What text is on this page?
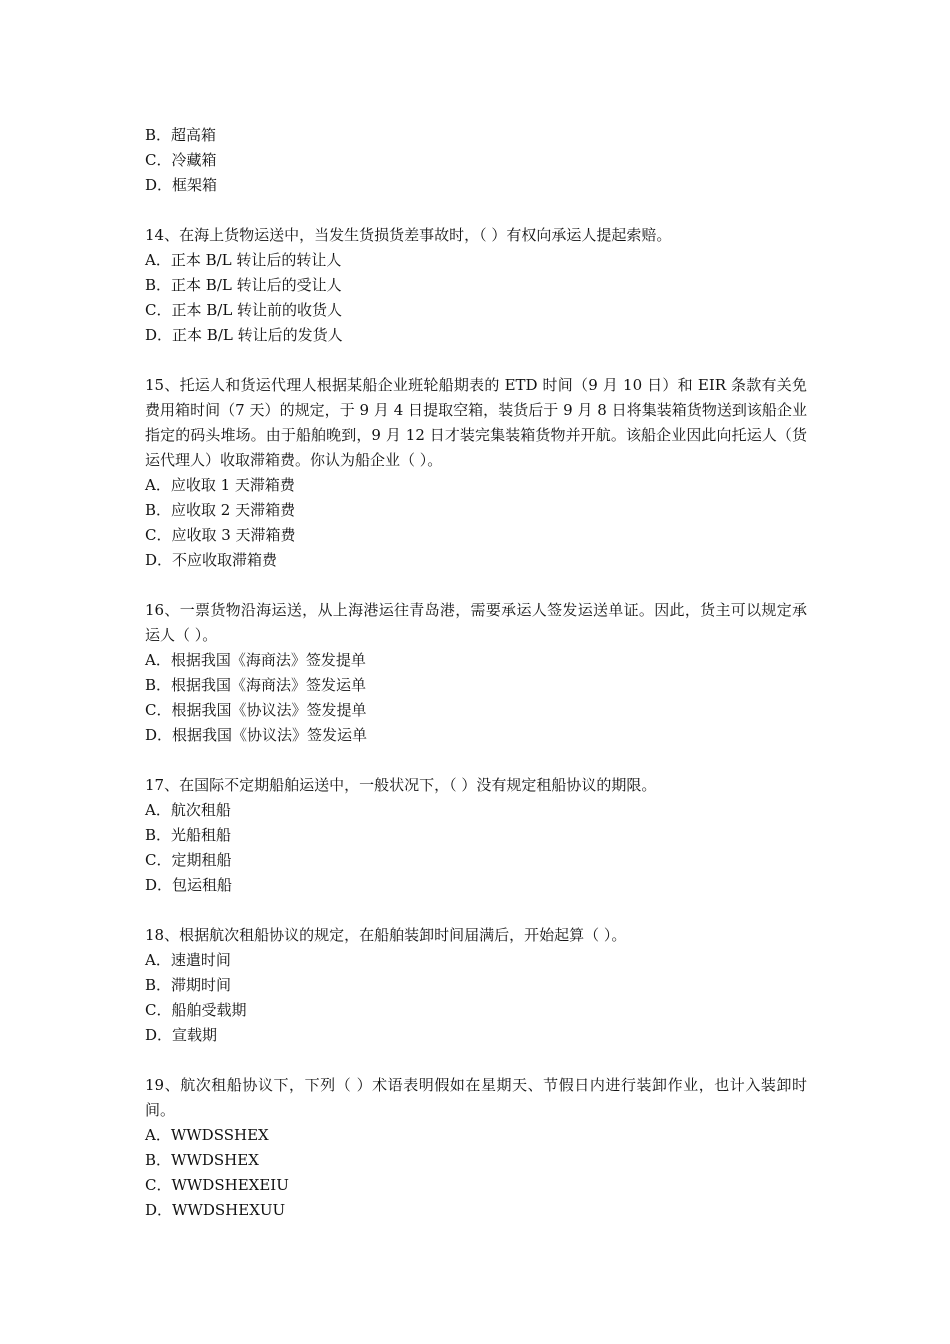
B．超高箱

C．冷藏箱

D．框架箱

14、在海上货物运送中，当发生货损货差事故时，（ ）有权向承运人提起索赔。

A．正本 B/L 转让后的转让人

B．正本 B/L 转让后的受让人

C．正本 B/L 转让前的收货人

D．正本 B/L 转让后的发货人

15、托运人和货运代理人根据某船企业班轮船期表的 ETD 时间（9 月 10 日）和 EIR 条款有关免费用箱时间（7 天）的规定，于 9 月 4 日提取空箱，装货后于 9 月 8 日将集装箱货物送到该船企业指定的码头堆场。由于船舶晚到，9 月 12 日才装完集装箱货物并开航。该船企业因此向托运人（货运代理人）收取滞箱费。你认为船企业（ ）。

A．应收取 1 天滞箱费

B．应收取 2 天滞箱费

C．应收取 3 天滞箱费

D．不应收取滞箱费

16、一票货物沿海运送，从上海港运往青岛港，需要承运人签发运送单证。因此，货主可以规定承运人（ ）。

A．根据我国《海商法》签发提单

B．根据我国《海商法》签发运单

C．根据我国《协议法》签发提单

D．根据我国《协议法》签发运单

17、在国际不定期船舶运送中，一般状况下，（ ）没有规定租船协议的期限。

A．航次租船

B．光船租船

C．定期租船

D．包运租船

18、根据航次租船协议的规定，在船舶装卸时间届满后，开始起算（ ）。

A．速遣时间

B．滞期时间

C．船舶受载期

D．宣载期

19、航次租船协议下，下列（ ）术语表明假如在星期天、节假日内进行装卸作业，也计入装卸时间。

A．WWDSSHEX

B．WWDSHEX

C．WWDSHEXEIU

D．WWDSHEXUU
